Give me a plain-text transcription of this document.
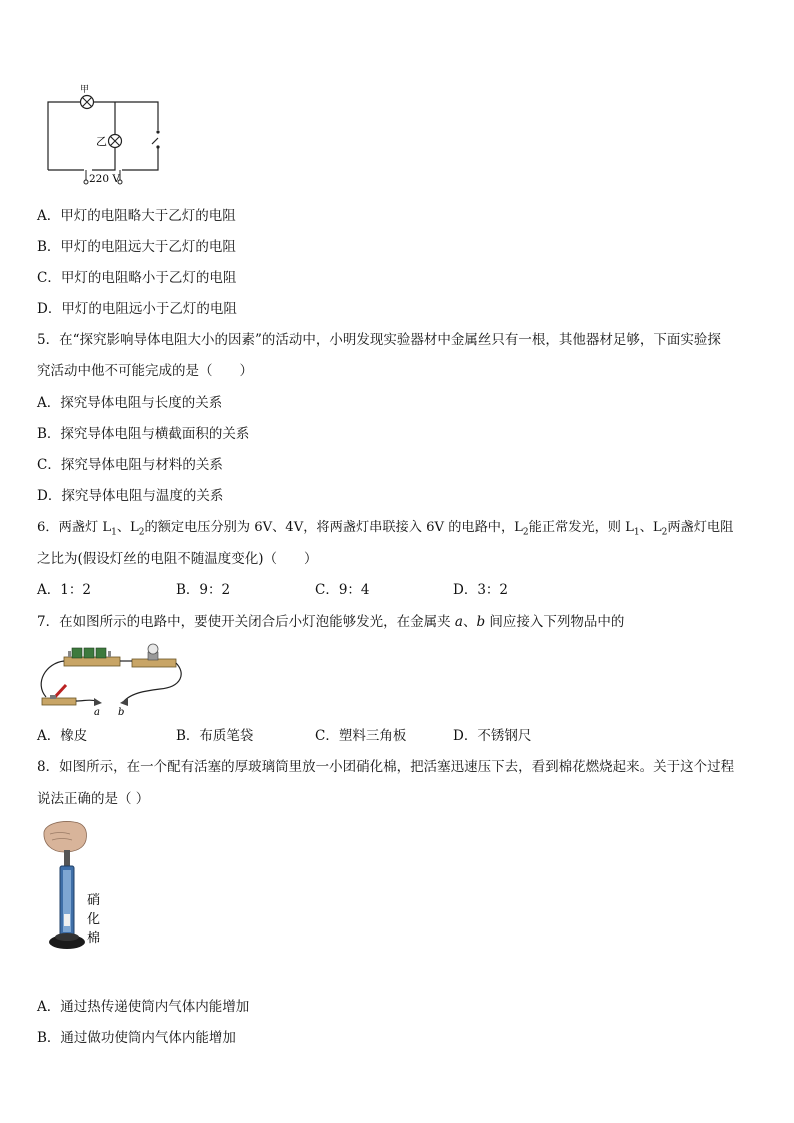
甲
乙
220 V
A．甲灯的电阻略大于乙灯的电阻
B．甲灯的电阻远大于乙灯的电阻
C．甲灯的电阻略小于乙灯的电阻
D．甲灯的电阻远小于乙灯的电阻
5．在“探究影响导体电阻大小的因素”的活动中，小明发现实验器材中金属丝只有一根，其他器材足够，下面实验探
究活动中他不可能完成的是（　　）
A．探究导体电阻与长度的关系
B．探究导体电阻与横截面积的关系
C．探究导体电阻与材料的关系
D．探究导体电阻与温度的关系
6．两盏灯 $L_1$、$L_2$的额定电压分别为 6V、4V，将两盏灯串联接入 6V 的电路中，$L_2$能正常发光，则 $L_1$、$L_2$两盏灯电阻
之比为(假设灯丝的电阻不随温度变化)（　　）
A．1：2	B．9：2	C．9：4	D．3：2
7．在如图所示的电路中，要使开关闭合后小灯泡能够发光，在金属夹 a、b 间应接入下列物品中的
a b
A．橡皮	B．布质笔袋	C．塑料三角板	D．不锈钢尺
8．如图所示，在一个配有活塞的厚玻璃筒里放一小团硝化棉，把活塞迅速压下去，看到棉花燃烧起来。关于这个过程
说法正确的是（ ）
硝
化
棉
A．通过热传递使筒内气体内能增加
B．通过做功使筒内气体内能增加
